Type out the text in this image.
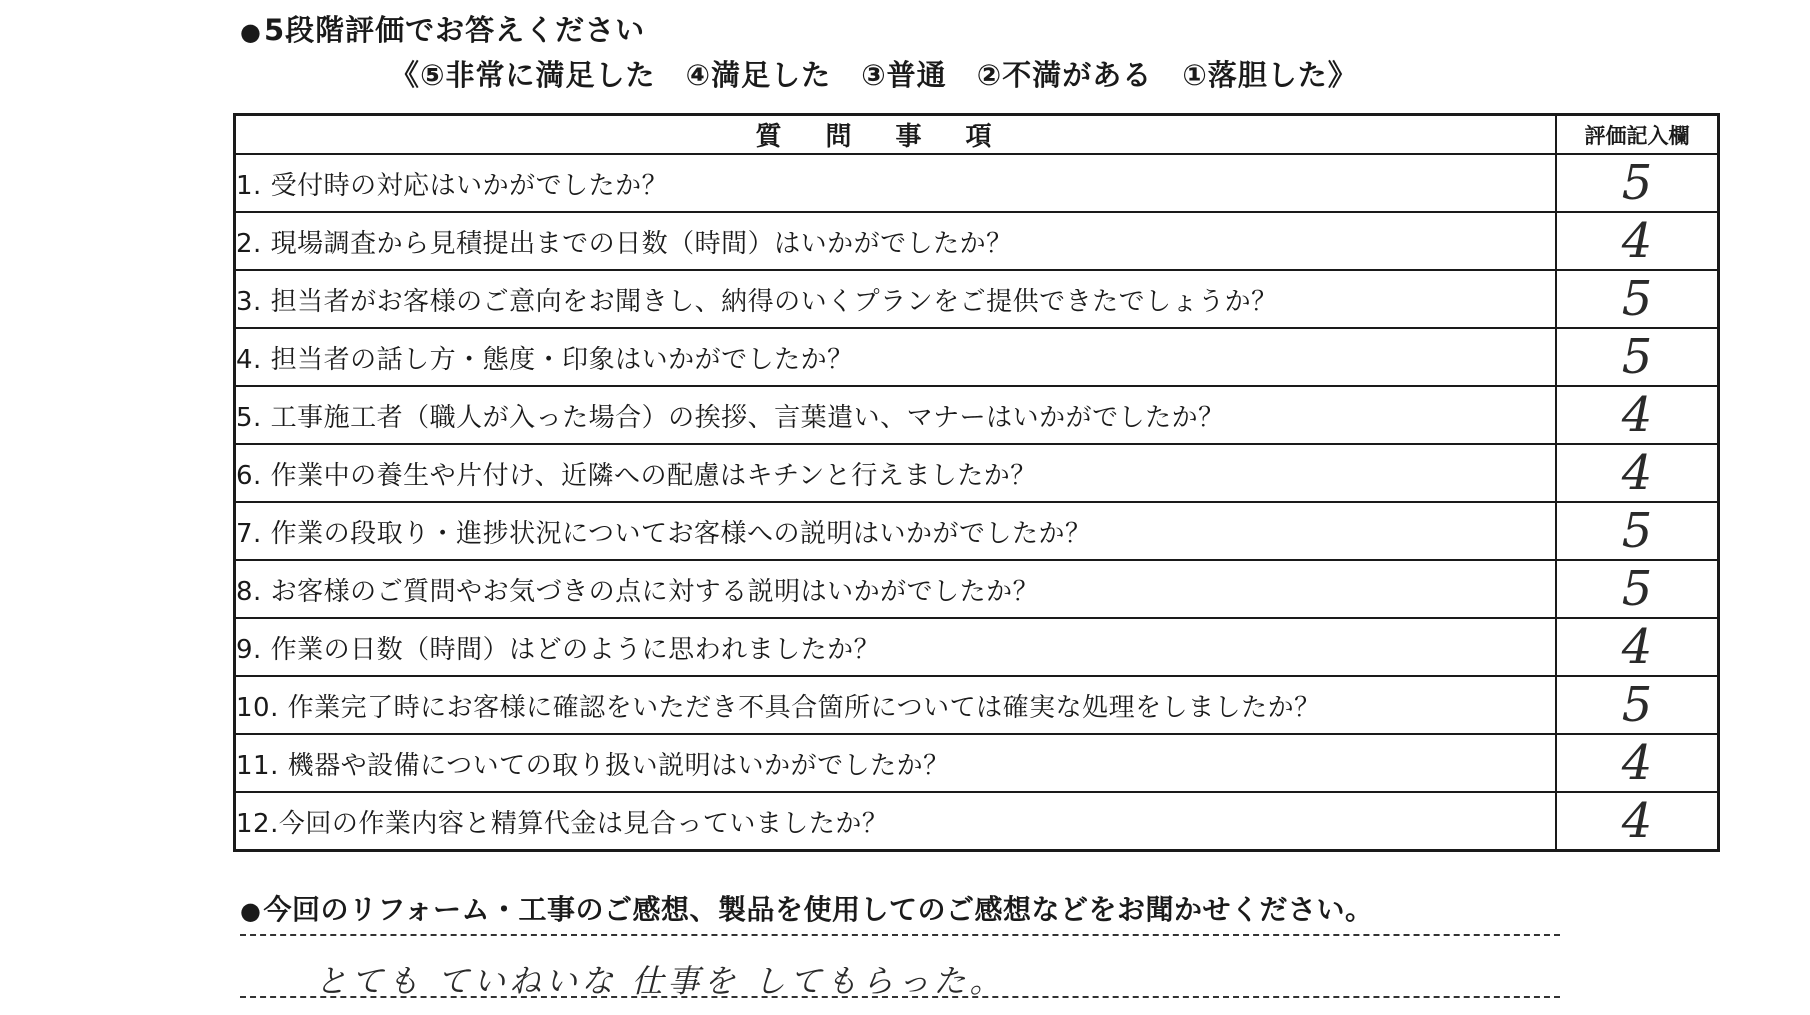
●5段階評価でお答えください
《⑤非常に満足した　④満足した　③普通　②不満がある　①落胆した》
質問事項	評価記入欄
1. 受付時の対応はいかがでしたか？	5
2. 現場調査から見積提出までの日数（時間）はいかがでしたか？	4
3. 担当者がお客様のご意向をお聞きし、納得のいくプランをご提供できたでしょうか？	5
4. 担当者の話し方・態度・印象はいかがでしたか？	5
5. 工事施工者（職人が入った場合）の挨拶、言葉遣い、マナーはいかがでしたか？	4
6. 作業中の養生や片付け、近隣への配慮はキチンと行えましたか？	4
7. 作業の段取り・進捗状況についてお客様への説明はいかがでしたか？	5
8. お客様のご質問やお気づきの点に対する説明はいかがでしたか？	5
9. 作業の日数（時間）はどのように思われましたか？	4
10. 作業完了時にお客様に確認をいただき不具合箇所については確実な処理をしましたか？	5
11. 機器や設備についての取り扱い説明はいかがでしたか？	4
12.今回の作業内容と精算代金は見合っていましたか？	4
●今回のリフォーム・工事のご感想、製品を使用してのご感想などをお聞かせください。
とても ていねいな 仕事を してもらった。
